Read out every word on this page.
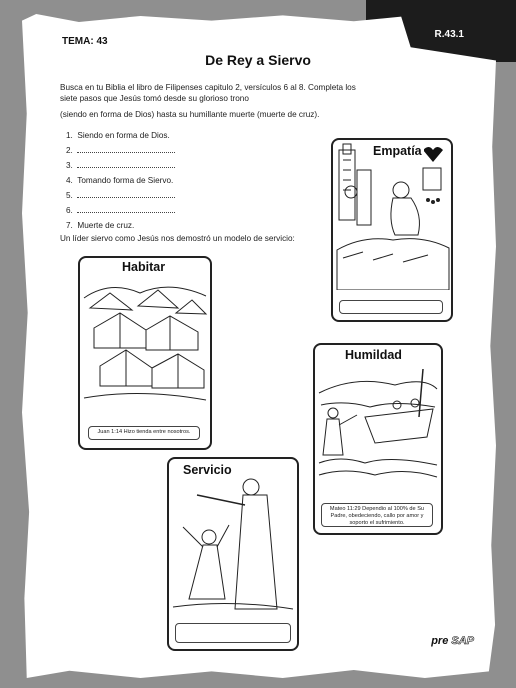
R.43.1
TEMA: 43
De Rey a Siervo

Busca en tu Biblia el libro de Filipenses capitulo 2, versículos 6 al 8. Completa los siete pasos que Jesús tomó desde su glorioso trono

(siendo en forma de Dios) hasta su humillante muerte (muerte de cruz).

1. Siendo en forma de Dios.
2.
3.
4. Tomando forma de Siervo.
5.
6.
7. Muerte de cruz.
Un líder siervo como Jesús nos demostró un modelo de servicio:
Empatía
Habitar
Juan 1:14 Hizo tienda entre nosotros.
Humildad
Mateo 11:29 Dependio al 100% de Su Padre, obedeciendo, callo por amor y soporto el sufrimiento.
Servicio
pre SAP
